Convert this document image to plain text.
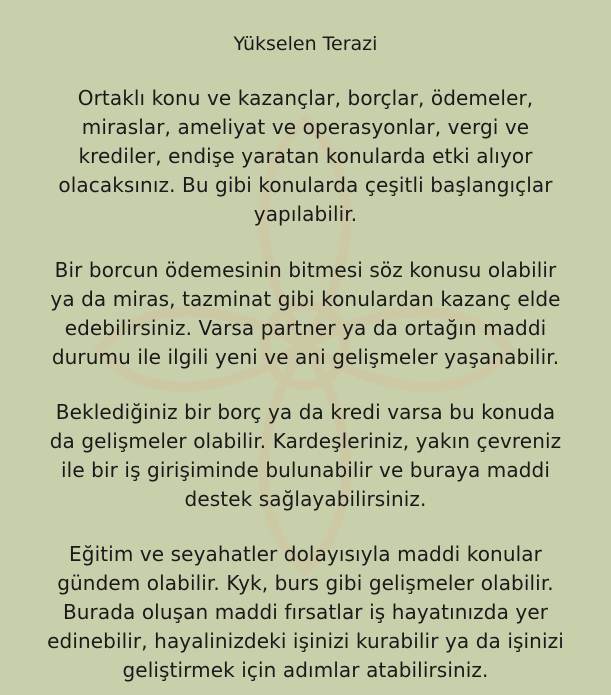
Yükselen Terazi

Ortaklı konu ve kazançlar, borçlar, ödemeler,
miraslar, ameliyat ve operasyonlar, vergi ve
krediler, endişe yaratan konularda etki alıyor
olacaksınız. Bu gibi konularda çeşitli başlangıçlar
yapılabilir.

Bir borcun ödemesinin bitmesi söz konusu olabilir
ya da miras, tazminat gibi konulardan kazanç elde
edebilirsiniz. Varsa partner ya da ortağın maddi
durumu ile ilgili yeni ve ani gelişmeler yaşanabilir.

Beklediğiniz bir borç ya da kredi varsa bu konuda
da gelişmeler olabilir. Kardeşleriniz, yakın çevreniz
ile bir iş girişiminde bulunabilir ve buraya maddi
destek sağlayabilirsiniz.

Eğitim ve seyahatler dolayısıyla maddi konular
gündem olabilir. Kyk, burs gibi gelişmeler olabilir.
Burada oluşan maddi fırsatlar iş hayatınızda yer
edinebilir, hayalinizdeki işinizi kurabilir ya da işinizi
geliştirmek için adımlar atabilirsiniz.
